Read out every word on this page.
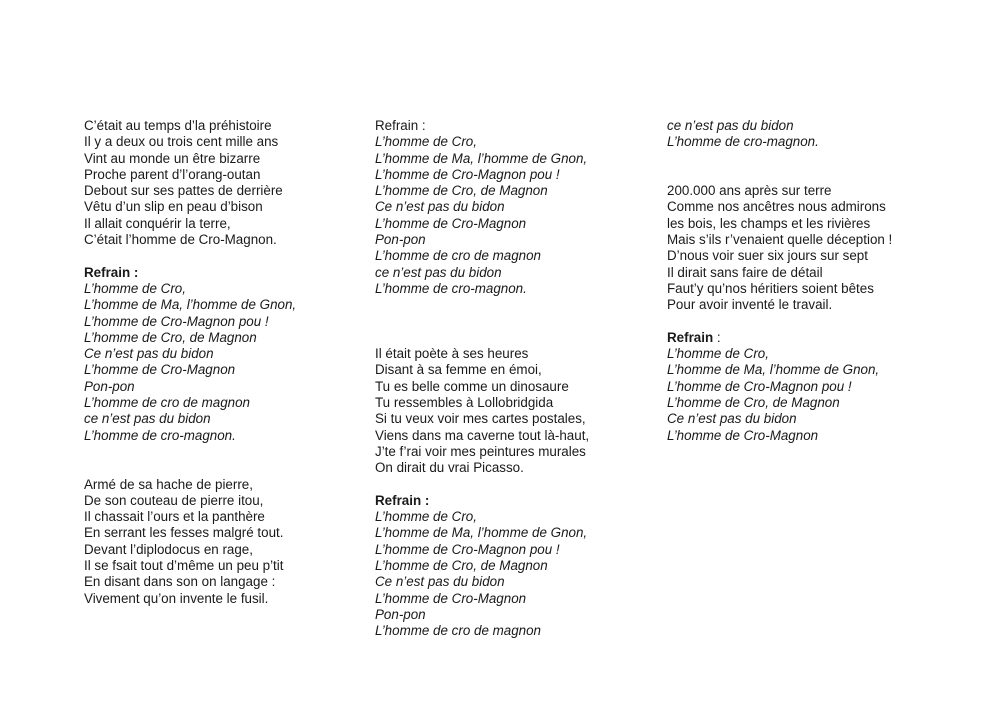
C’était au temps d’la préhistoire
Il y a deux ou trois cent mille ans
Vint au monde un être bizarre
Proche parent d’l’orang-outan
Debout sur ses pattes de derrière
Vêtu d’un slip en peau d’bison
Il allait conquérir la terre,
C’était l’homme de Cro-Magnon.
Refrain :
L’homme de Cro,
L’homme de Ma, l’homme de Gnon,
L’homme de Cro-Magnon pou !
L’homme de Cro, de Magnon
Ce n’est pas du bidon
L’homme de Cro-Magnon
Pon-pon
L’homme de cro de magnon
ce n’est pas du bidon
L’homme de cro-magnon.
Armé de sa hache de pierre,
De son couteau de pierre itou,
Il chassait l’ours et la panthère
En serrant les fesses malgré tout.
Devant l’diplodocus en rage,
Il se fsait tout d’même un peu p’tit
En disant dans son on langage :
Vivement qu’on invente le fusil.
Refrain :
L’homme de Cro,
L’homme de Ma, l’homme de Gnon,
L’homme de Cro-Magnon pou !
L’homme de Cro, de Magnon
Ce n’est pas du bidon
L’homme de Cro-Magnon
Pon-pon
L’homme de cro de magnon
ce n’est pas du bidon
L’homme de cro-magnon.
Il était poète à ses heures
Disant à sa femme en émoi,
Tu es belle comme un dinosaure
Tu ressembles à Lollobridgida
Si tu veux voir mes cartes postales,
Viens dans ma caverne tout là-haut,
J’te f’rai voir mes peintures murales
On dirait du vrai Picasso.
Refrain :
L’homme de Cro,
L’homme de Ma, l’homme de Gnon,
L’homme de Cro-Magnon pou !
L’homme de Cro, de Magnon
Ce n’est pas du bidon
L’homme de Cro-Magnon
Pon-pon
L’homme de cro de magnon
ce n’est pas du bidon
L’homme de cro-magnon.
200.000 ans après sur terre
Comme nos ancêtres nous admirons
les bois, les champs et les rivières
Mais s’ils r’venaient quelle déception !
D’nous voir suer six jours sur sept
Il dirait sans faire de détail
Faut’y qu’nos héritiers soient bêtes
Pour avoir inventé le travail.
Refrain :
L’homme de Cro,
L’homme de Ma, l’homme de Gnon,
L’homme de Cro-Magnon pou !
L’homme de Cro, de Magnon
Ce n’est pas du bidon
L’homme de Cro-Magnon
